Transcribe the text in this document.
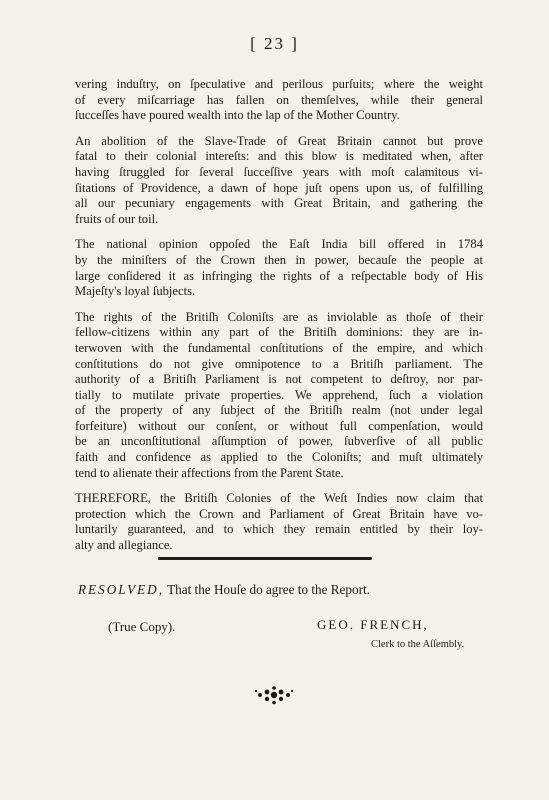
[ 23 ]
vering induſtry, on ſpeculative and perilous purſuits; where the weight
of every miſcarriage has fallen on themſelves, while their general
ſucceſſes have poured wealth into the lap of the Mother Country.
An abolition of the Slave-Trade of Great Britain cannot but prove
fatal to their colonial intereſts: and this blow is meditated when, after
having ſtruggled for ſeveral ſucceſſive years with moſt calamitous vi-
ſitations of Providence, a dawn of hope juſt opens upon us, of fulfilling
all our pecuniary engagements with Great Britain, and gathering the
fruits of our toil.
The national opinion oppoſed the Eaſt India bill offered in 1784
by the miniſters of the Crown then in power, becauſe the people at
large conſidered it as infringing the rights of a reſpectable body of His
Majeſty's loyal ſubjects.
The rights of the Britiſh Coloniſts are as inviolable as thoſe of their
fellow-citizens within any part of the Britiſh dominions: they are in-
terwoven with the fundamental conſtitutions of the empire, and which
conſtitutions do not give omnipotence to a Britiſh parliament. The
authority of a Britiſh Parliament is not competent to deſtroy, nor par-
tially to mutilate private properties. We apprehend, ſuch a violation
of the property of any ſubject of the Britiſh realm (not under legal
forfeiture) without our conſent, or without full compenſation, would
be an unconſtitutional aſſumption of power, ſubverſive of all public
faith and confidence as applied to the Coloniſts; and muſt ultimately
tend to alienate their affections from the Parent State.
THEREFORE, the Britiſh Colonies of the Weſt Indies now claim that
protection which the Crown and Parliament of Great Britain have vo-
luntarily guaranteed, and to which they remain entitled by their loy-
alty and allegiance.
RESOLVED, That the Houſe do agree to the Report.
(True Copy).	GEO. FRENCH,
Clerk to the Aſſembly.
